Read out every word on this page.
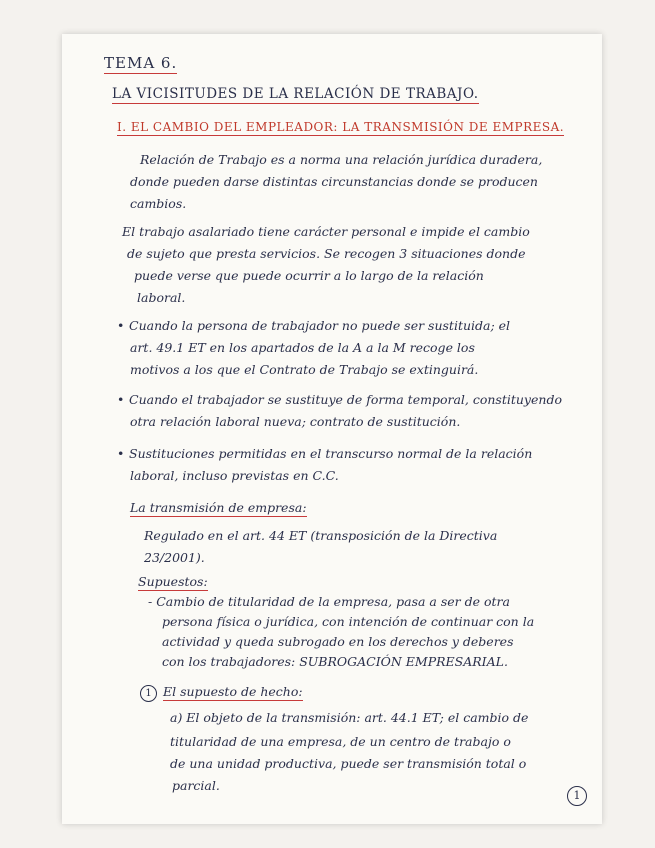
TEMA 6.
LA VICISITUDES DE LA RELACIÓN DE TRABAJO.
I. EL CAMBIO DEL EMPLEADOR: LA TRANSMISIÓN DE EMPRESA.
Relación de Trabajo es a norma una relación jurídica duradera,
donde pueden darse distintas circunstancias donde se producen
cambios.
El trabajo asalariado tiene carácter personal e impide el cambio
de sujeto que presta servicios. Se recogen 3 situaciones donde
puede verse que puede ocurrir a lo largo de la relación
laboral.
• Cuando la persona de trabajador no puede ser sustituida; el
art. 49.1 ET en los apartados de la A a la M recoge los
motivos a los que el Contrato de Trabajo se extinguirá.
• Cuando el trabajador se sustituye de forma temporal, constituyendo
otra relación laboral nueva; contrato de sustitución.
• Sustituciones permitidas en el transcurso normal de la relación
laboral, incluso previstas en C.C.
La transmisión de empresa:
Regulado en el art. 44 ET (transposición de la Directiva
23/2001).
Supuestos:
- Cambio de titularidad de la empresa, pasa a ser de otra
persona física o jurídica, con intención de continuar con la
actividad y queda subrogado en los derechos y deberes
con los trabajadores: SUBROGACIÓN EMPRESARIAL.
1 El supuesto de hecho:
a) El objeto de la transmisión: art. 44.1 ET; el cambio de
titularidad de una empresa, de un centro de trabajo o
de una unidad productiva, puede ser transmisión total o
parcial.
1
